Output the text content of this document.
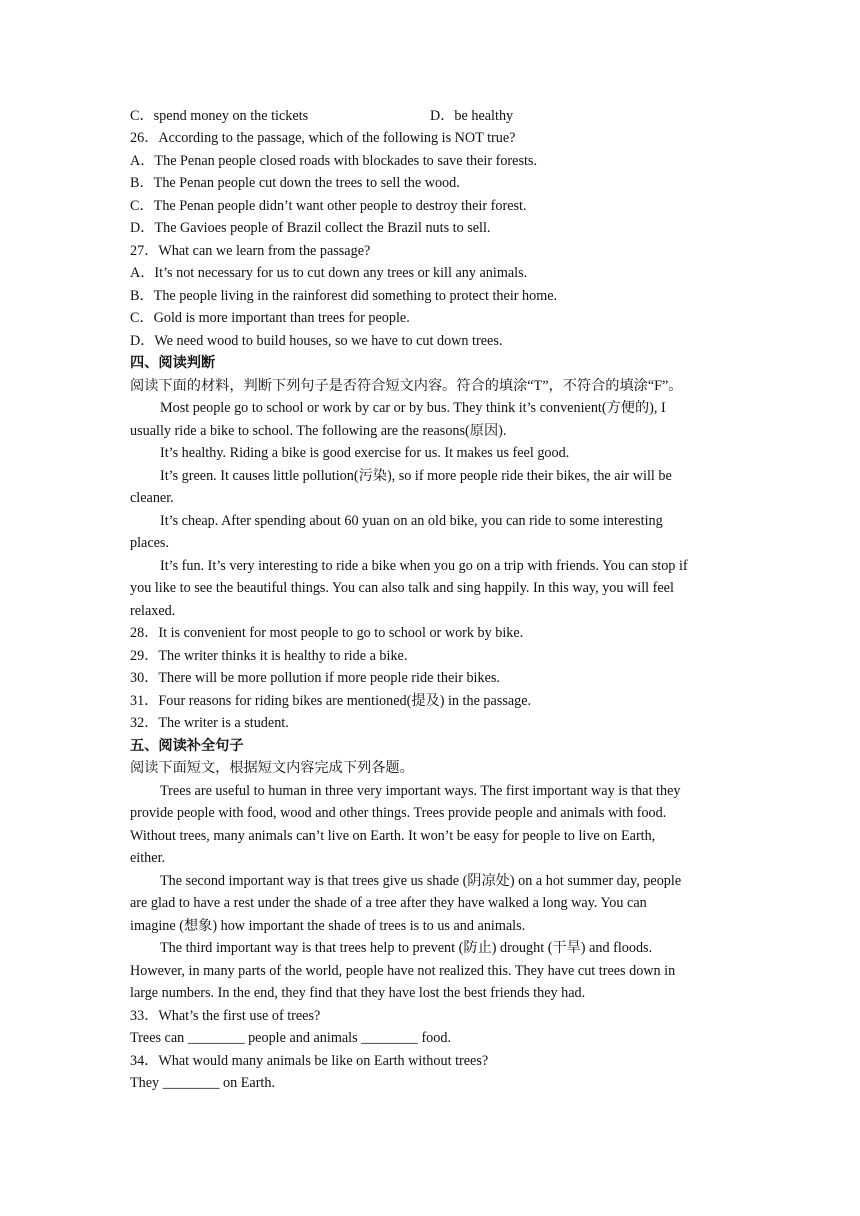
C．spend money on the tickets	D．be healthy
26．According to the passage, which of the following is NOT true?
A．The Penan people closed roads with blockades to save their forests.
B．The Penan people cut down the trees to sell the wood.
C．The Penan people didn’t want other people to destroy their forest.
D．The Gavioes people of Brazil collect the Brazil nuts to sell.
27．What can we learn from the passage?
A．It’s not necessary for us to cut down any trees or kill any animals.
B．The people living in the rainforest did something to protect their home.
C．Gold is more important than trees for people.
D．We need wood to build houses, so we have to cut down trees.
四、阅读判断
阅读下面的材料，判断下列句子是否符合短文内容。符合的填涂“T”，不符合的填涂“F”。
Most people go to school or work by car or by bus. They think it’s convenient(方便的), I
usually ride a bike to school. The following are the reasons(原因).
It’s healthy. Riding a bike is good exercise for us. It makes us feel good.
It’s green. It causes little pollution(污染), so if more people ride their bikes, the air will be
cleaner.
It’s cheap. After spending about 60 yuan on an old bike, you can ride to some interesting
places.
It’s fun. It’s very interesting to ride a bike when you go on a trip with friends. You can stop if
you like to see the beautiful things. You can also talk and sing happily. In this way, you will feel
relaxed.
28．It is convenient for most people to go to school or work by bike.
29．The writer thinks it is healthy to ride a bike.
30．There will be more pollution if more people ride their bikes.
31．Four reasons for riding bikes are mentioned(提及) in the passage.
32．The writer is a student.
五、阅读补全句子
阅读下面短文，根据短文内容完成下列各题。
Trees are useful to human in three very important ways. The first important way is that they
provide people with food, wood and other things. Trees provide people and animals with food.
Without trees, many animals can’t live on Earth. It won’t be easy for people to live on Earth,
either.
The second important way is that trees give us shade (阴凉处) on a hot summer day, people
are glad to have a rest under the shade of a tree after they have walked a long way. You can
imagine (想象) how important the shade of trees is to us and animals.
The third important way is that trees help to prevent (防止) drought (干旱) and floods.
However, in many parts of the world, people have not realized this. They have cut trees down in
large numbers. In the end, they find that they have lost the best friends they had.
33．What’s the first use of trees?
Trees can ________ people and animals ________ food.
34．What would many animals be like on Earth without trees?
They ________ on Earth.
